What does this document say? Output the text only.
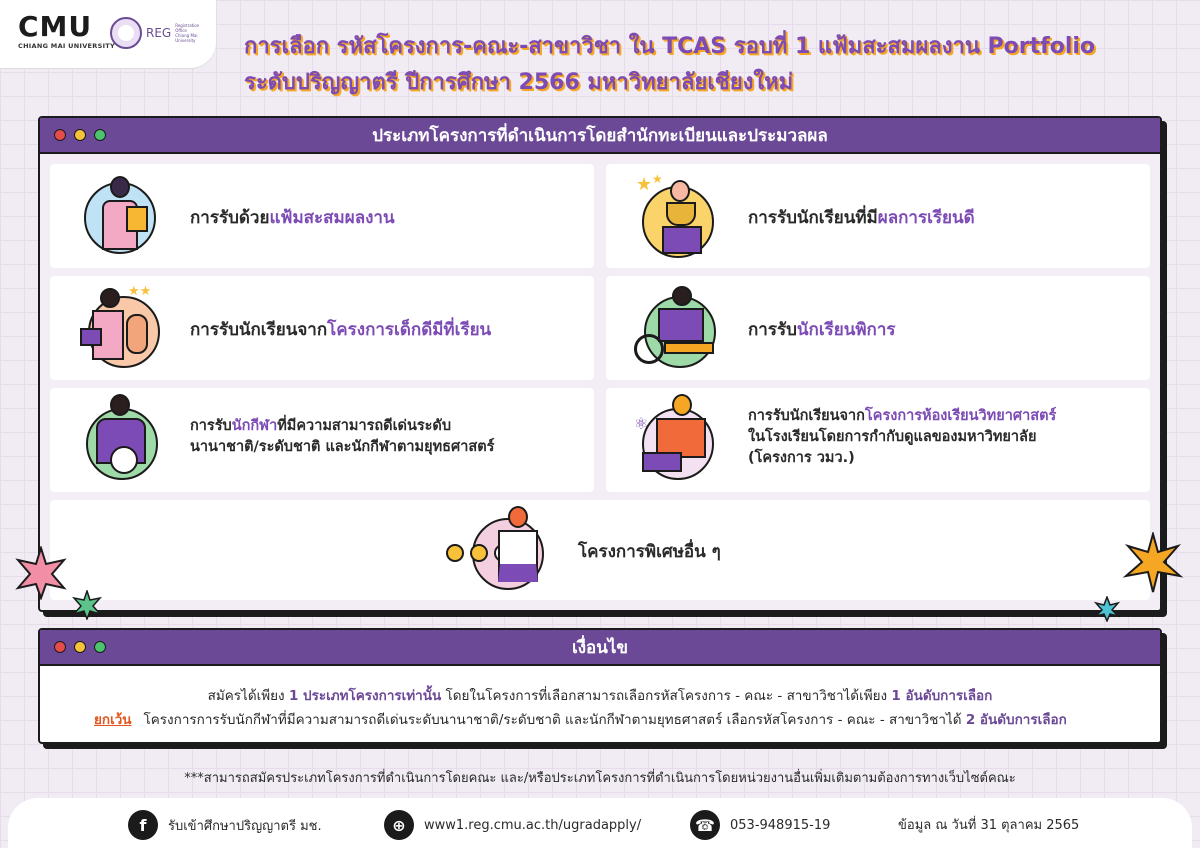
CMU
CHIANG MAI UNIVERSITY
REG
Registration Office Chiang Mai University การเลือก รหัสโครงการ-คณะ-สาขาวิชา ใน TCAS รอบที่ 1 แฟ้มสะสมผลงาน Portfolio
ระดับปริญญาตรี ปีการศึกษา 2566 มหาวิทยาลัยเชียงใหม่
ประเภทโครงการที่ดำเนินการโดยสำนักทะเบียนและประมวลผล
การรับด้วยแฟ้มสะสมผลงาน
★ ★
การรับนักเรียนที่มีผลการเรียนดี
★★
การรับนักเรียนจากโครงการเด็กดีมีที่เรียน	การรับนักเรียนพิการ
การรับนักกีฬาที่มีความสามารถดีเด่นระดับ
นานาชาติ/ระดับชาติ และนักกีฬาตามยุทธศาสตร์
⚛	การรับนักเรียนจากโครงการห้องเรียนวิทยาศาสตร์
ในโรงเรียนโดยการกำกับดูแลของมหาวิทยาลัย
(โครงการ วมว.)
โครงการพิเศษอื่น ๆ
เงื่อนไข
สมัครได้เพียง 1 ประเภทโครงการเท่านั้น โดยในโครงการที่เลือกสามารถเลือกรหัสโครงการ - คณะ - สาขาวิชาได้เพียง 1 อันดับการเลือก
ยกเว้น โครงการการรับนักกีฬาที่มีความสามารถดีเด่นระดับนานาชาติ/ระดับชาติ และนักกีฬาตามยุทธศาสตร์ เลือกรหัสโครงการ - คณะ - สาขาวิชาได้ 2 อันดับการเลือก
***สามารถสมัครประเภทโครงการที่ดำเนินการโดยคณะ และ/หรือประเภทโครงการที่ดำเนินการโดยหน่วยงานอื่นเพิ่มเติมตามต้องการทางเว็บไซต์คณะ
f	รับเข้าศึกษาปริญญาตรี มช.	⊕	www1.reg.cmu.ac.th/ugradapply/	☎	053-948915-19	ข้อมูล ณ วันที่ 31 ตุลาคม 2565
